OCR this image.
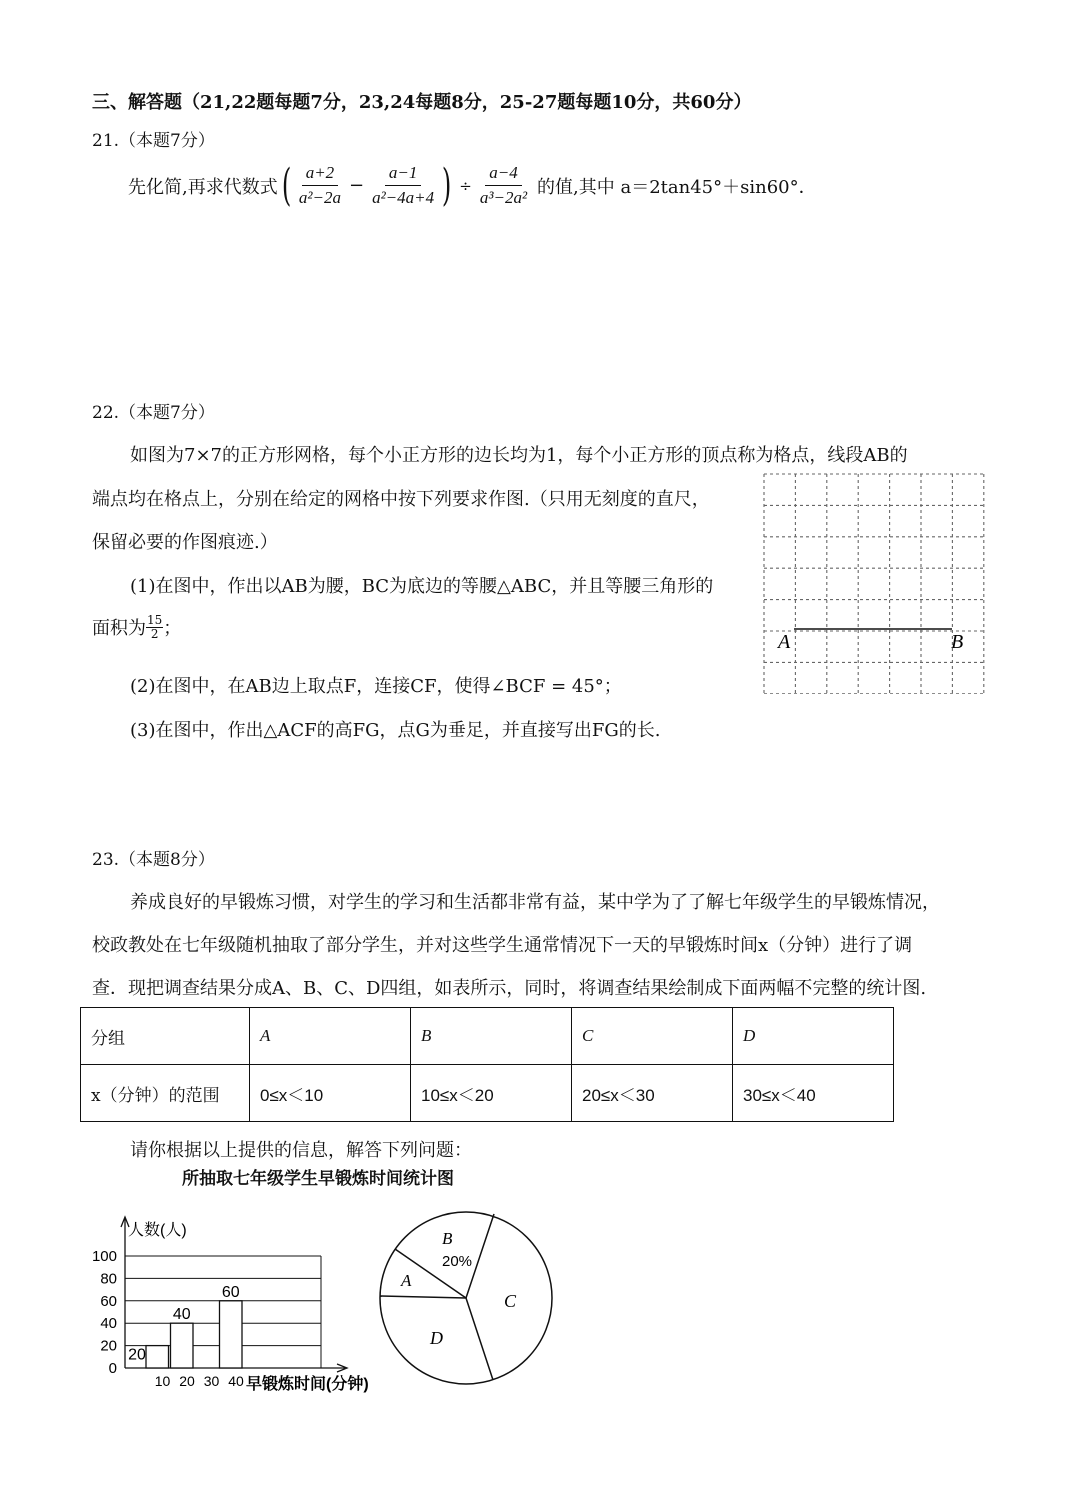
三、解答题（21,22题每题7分，23,24每题8分，25-27题每题10分，共60分）
21.（本题7分）
先化简,再求代数式 ( $\frac{a+2}{\text{a²−2a}} - \frac{a-1}{\text{a²−4a+4}}$ ) ÷ $\frac{a-4}{\text{a³−2a²}}$ 的值,其中 a＝2tan45°＋sin60°．
22.（本题7分）
如图为7×7的正方形网格，每个小正方形的边长均为1，每个小正方形的顶点称为格点，线段AB的
端点均在格点上，分别在给定的网格中按下列要求作图.（只用无刻度的直尺，
保留必要的作图痕迹.）
(1)在图中，作出以AB为腰，BC为底边的等腰△ABC，并且等腰三角形的
面积为 $\frac{15}{2}$ ；
(2)在图中，在AB边上取点F，连接CF，使得∠BCF = 45°；
(3)在图中，作出△ACF的高FG，点G为垂足，并直接写出FG的长.
A	B
23.（本题8分）
养成良好的早锻炼习惯，对学生的学习和生活都非常有益，某中学为了了解七年级学生的早锻炼情况，
校政教处在七年级随机抽取了部分学生，并对这些学生通常情况下一天的早锻炼时间x（分钟）进行了调
查．现把调查结果分成A、B、C、D四组，如表所示，同时，将调查结果绘制成下面两幅不完整的统计图.
分组	A	B	C	D
x（分钟）的范围	0≤x＜10	10≤x＜20	20≤x＜30	30≤x＜40
请你根据以上提供的信息，解答下列问题：
所抽取七年级学生早锻炼时间统计图
0
20
40
60
80
100
20
40
60
10 20 30 40
人数(人)
早锻炼时间(分钟)
B
20%
A
C
D
